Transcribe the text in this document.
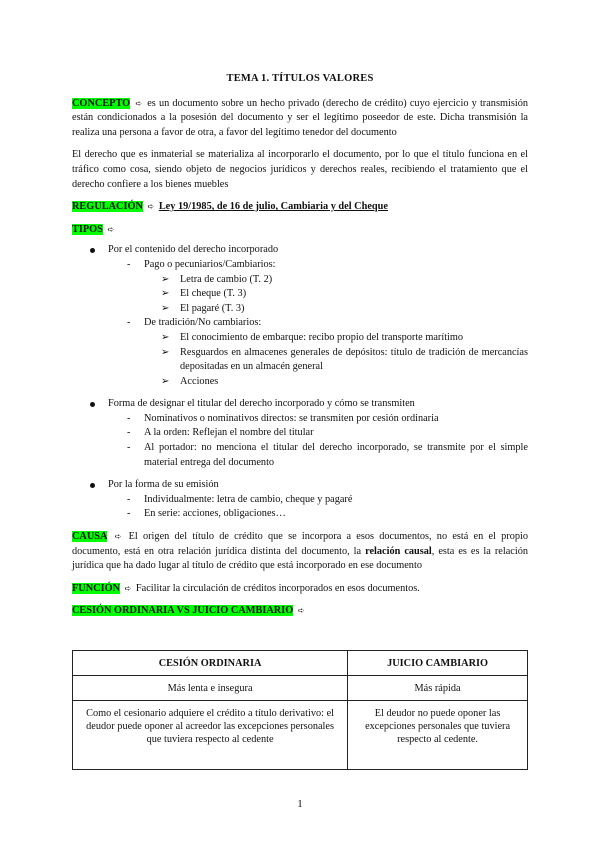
TEMA 1. TÍTULOS VALORES

CONCEPTO ➪ es un documento sobre un hecho privado (derecho de crédito) cuyo ejercicio y transmisión están condicionados a la posesión del documento y ser el legítimo poseedor de este. Dicha transmisión la realiza una persona a favor de otra, a favor del legítimo tenedor del documento

El derecho que es inmaterial se materializa al incorporarlo el documento, por lo que el título funciona en el tráfico como cosa, siendo objeto de negocios jurídicos y derechos reales, recibiendo el tratamiento que el derecho confiere a los bienes muebles

REGULACIÓN ➪ Ley 19/1985, de 16 de julio, Cambiaria y del Cheque

TIPOS ➪

Por el contenido del derecho incorporado
- Pago o pecuniarios/Cambiarios:
➢ Letra de cambio (T. 2)
➢ El cheque (T. 3)
➢ El pagaré (T. 3)
- De tradición/No cambiarios:
➢ El conocimiento de embarque: recibo propio del transporte marítimo
➢ Resguardos en almacenes generales de depósitos: título de tradición de mercancías depositadas en un almacén general
➢ Acciones
Forma de designar el titular del derecho incorporado y cómo se transmiten
- Nominativos o nominativos directos: se transmiten por cesión ordinaria
- A la orden: Reflejan el nombre del titular
- Al portador: no menciona el titular del derecho incorporado, se transmite por el simple material entrega del documento
Por la forma de su emisión
- Individualmente: letra de cambio, cheque y pagaré
- En serie: acciones, obligaciones…

CAUSA ➪ El origen del título de crédito que se incorpora a esos documentos, no está en el propio documento, está en otra relación jurídica distinta del documento, la relación causal, esta es es la relación jurídica que ha dado lugar al título de crédito que está incorporado en ese documento

FUNCIÓN ➪ Facilitar la circulación de créditos incorporados en esos documentos.

CESIÓN ORDINARIA VS JUICIO CAMBIARIO ➪

CESIÓN ORDINARIA	JUICIO CAMBIARIO
Más lenta e insegura	Más rápida
Como el cesionario adquiere el crédito a título derivativo: el deudor puede oponer al acreedor las excepciones personales que tuviera respecto al cedente	El deudor no puede oponer las excepciones personales que tuviera respecto al cedente.
1
